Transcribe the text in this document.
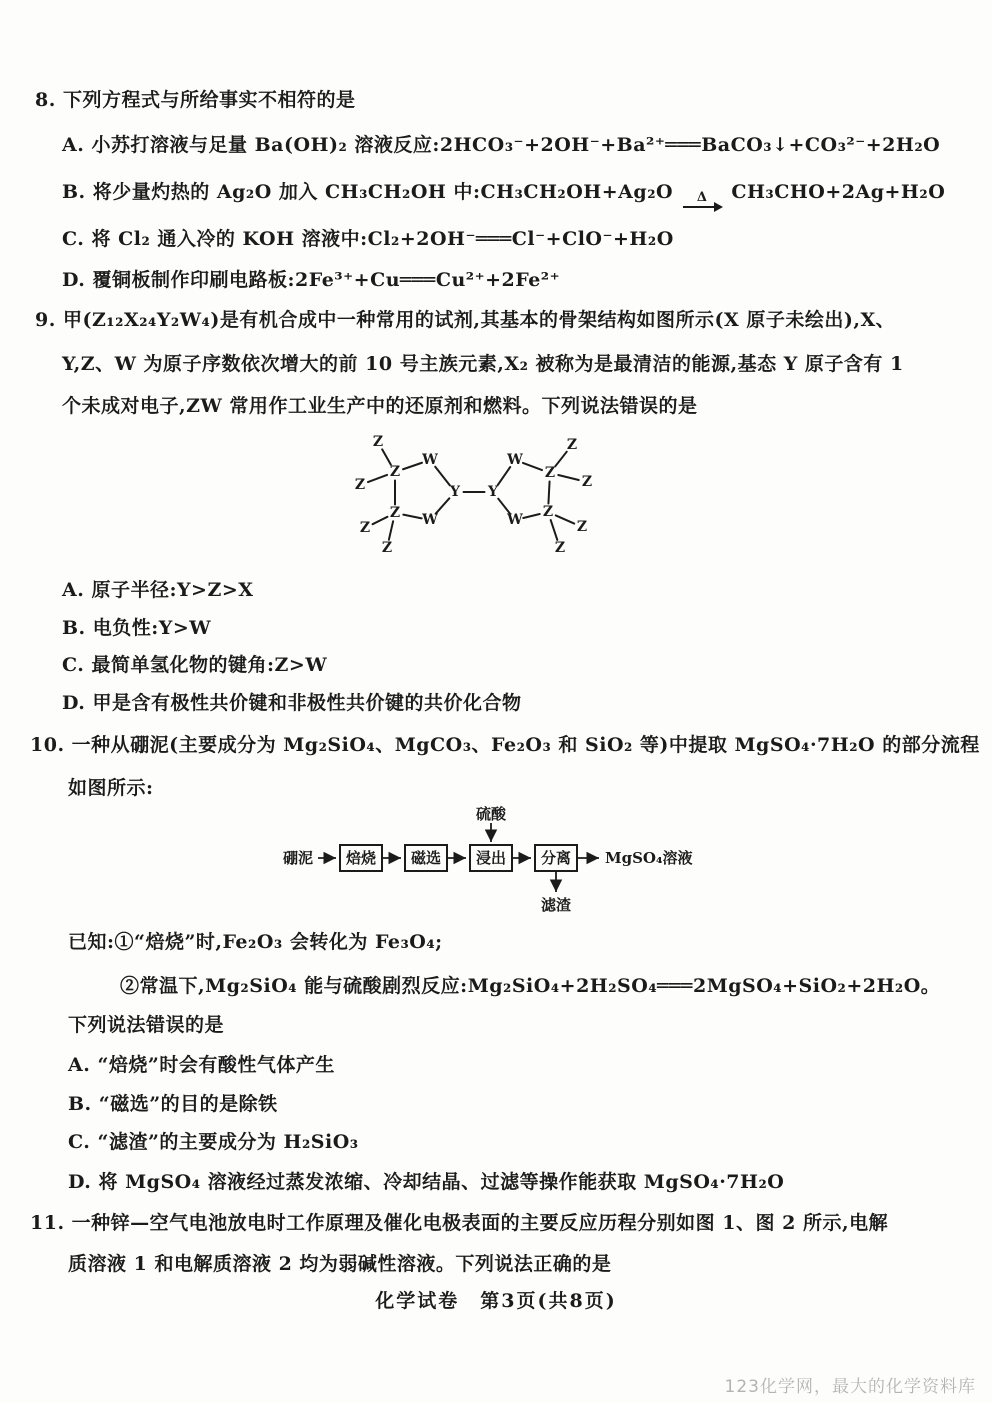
8. 下列方程式与所给事实不相符的是
A. 小苏打溶液与足量 Ba(OH)₂ 溶液反应:2HCO₃⁻+2OH⁻+Ba²⁺═══BaCO₃↓+CO₃²⁻+2H₂O
B. 将少量灼热的 Ag₂O 加入 CH₃CH₂OH 中:CH₃CH₂OH+Ag₂O Δ CH₃CHO+2Ag+H₂O
C. 将 Cl₂ 通入冷的 KOH 溶液中:Cl₂+2OH⁻═══Cl⁻+ClO⁻+H₂O
D. 覆铜板制作印刷电路板:2Fe³⁺+Cu═══Cu²⁺+2Fe²⁺
9. 甲(Z₁₂X₂₄Y₂W₄)是有机合成中一种常用的试剂,其基本的骨架结构如图所示(X 原子未绘出),X、
Y,Z、W 为原子序数依次增大的前 10 号主族元素,X₂ 被称为是最清洁的能源,基态 Y 原子含有 1
个未成对电子,ZW 常用作工业生产中的还原剂和燃料。下列说法错误的是
Y Y
W
W
Z
Z
Z
Z
Z
Z
W
W
Z
Z
Z
Z
Z
Z
A. 原子半径:Y>Z>X
B. 电负性:Y>W
C. 最简单氢化物的键角:Z>W
D. 甲是含有极性共价键和非极性共价键的共价化合物
10. 一种从硼泥(主要成分为 Mg₂SiO₄、MgCO₃、Fe₂O₃ 和 SiO₂ 等)中提取 MgSO₄·7H₂O 的部分流程
如图所示:
硼泥 焙烧 磁选 浸出 分离 MgSO₄溶液
硫酸
滤渣
已知:①“焙烧”时,Fe₂O₃ 会转化为 Fe₃O₄;
②常温下,Mg₂SiO₄ 能与硫酸剧烈反应:Mg₂SiO₄+2H₂SO₄═══2MgSO₄+SiO₂+2H₂O。
下列说法错误的是
A. “焙烧”时会有酸性气体产生
B. “磁选”的目的是除铁
C. “滤渣”的主要成分为 H₂SiO₃
D. 将 MgSO₄ 溶液经过蒸发浓缩、冷却结晶、过滤等操作能获取 MgSO₄·7H₂O
11. 一种锌—空气电池放电时工作原理及催化电极表面的主要反应历程分别如图 1、图 2 所示,电解
质溶液 1 和电解质溶液 2 均为弱碱性溶液。下列说法正确的是
化学试卷　第3页(共8页)
123化学网，最大的化学资料库
